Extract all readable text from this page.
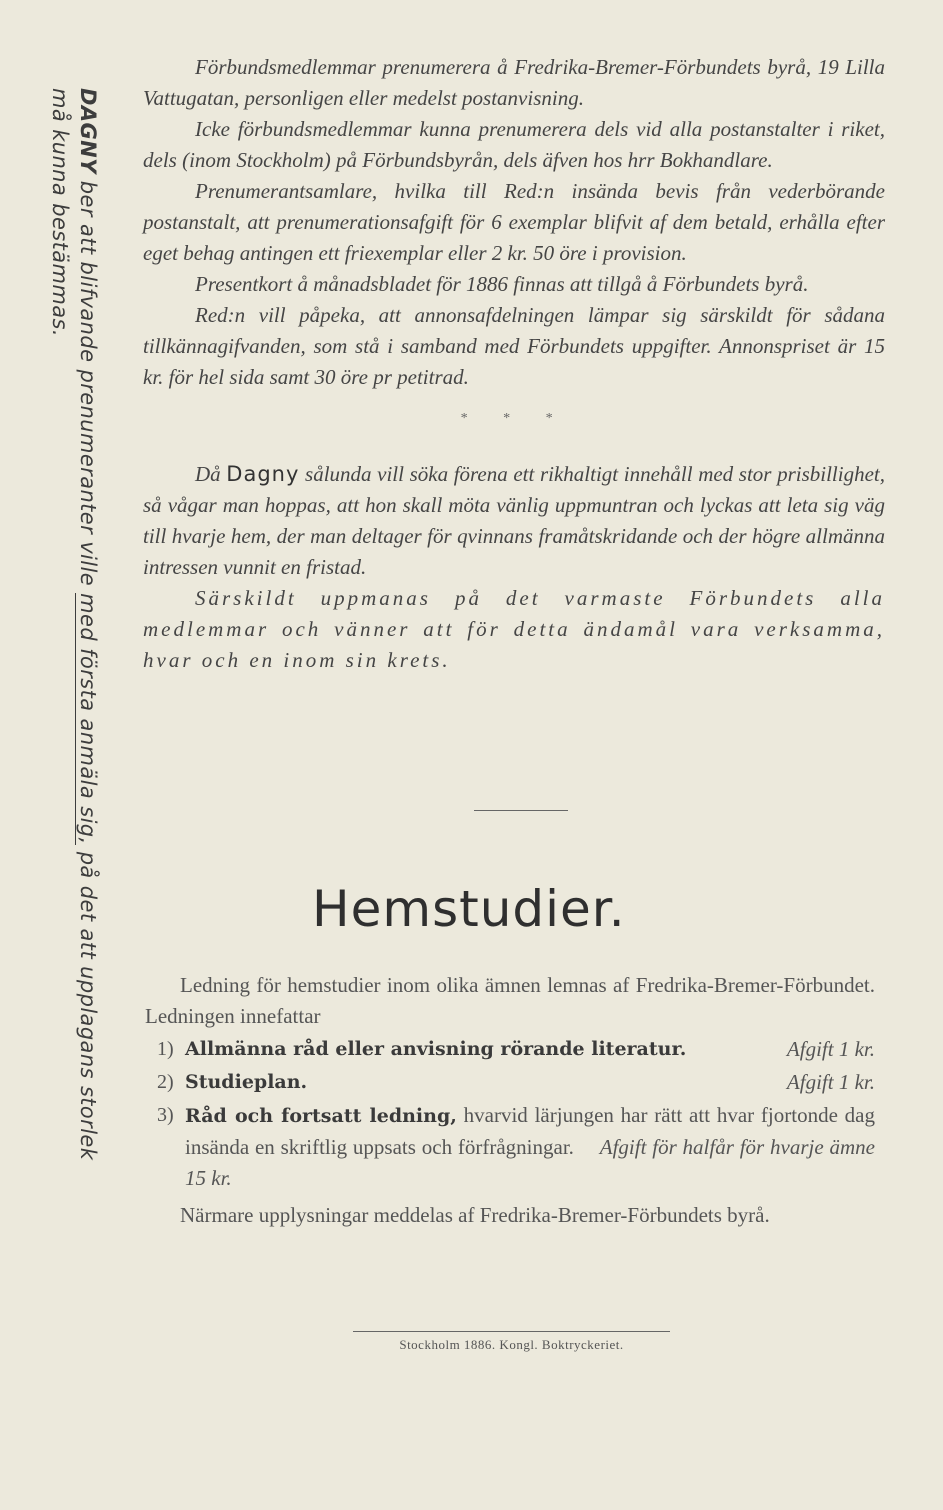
DAGNY ber att blifvande prenumeranter ville med första anmäla sig, på det att upplagans storlek
må kunna bestämmas.

Förbundsmedlemmar prenumerera å Fredrika-Bremer-Förbundets byrå, 19 Lilla Vattugatan, personligen eller medelst postanvisning.

Icke förbundsmedlemmar kunna prenumerera dels vid alla postanstalter i riket, dels (inom Stockholm) på Förbundsbyrån, dels äfven hos hrr Bokhandlare.

Prenumerantsamlare, hvilka till Red:n insända bevis från vederbörande postanstalt, att prenumerationsafgift för 6 exemplar blifvit af dem betald, erhålla efter eget behag antingen ett friexemplar eller 2 kr. 50 öre i provision.

Presentkort å månadsbladet för 1886 finnas att tillgå å Förbundets byrå.

Red:n vill påpeka, att annonsafdelningen lämpar sig särskildt för sådana tillkännagifvanden, som stå i samband med Förbundets uppgifter. Annonspriset är 15 kr. för hel sida samt 30 öre pr petitrad.

* * *

Då Dagny sålunda vill söka förena ett rikhaltigt innehåll med stor prisbillighet, så vågar man hoppas, att hon skall möta vänlig uppmuntran och lyckas att leta sig väg till hvarje hem, der man deltager för qvinnans framåtskridande och der högre allmänna intressen vunnit en fristad.

Särskildt uppmanas på det varmaste Förbundets alla medlemmar och vänner att för detta ändamål vara verksamma, hvar och en inom sin krets.

Hemstudier.

Ledning för hemstudier inom olika ämnen lemnas af Fredrika-Bremer-Förbundet. Ledningen innefattar

1) Allmänna råd eller anvisning rörande literatur.	Afgift 1 kr.
2) Studieplan.	Afgift 1 kr.
3) Råd och fortsatt ledning, hvarvid lärjungen har rätt att hvar fjortonde dag insända en skriftlig uppsats och förfrågningar. Afgift för halfår för hvarje ämne 15 kr.

Närmare upplysningar meddelas af Fredrika-Bremer-Förbundets byrå.

Stockholm 1886. Kongl. Boktryckeriet.
